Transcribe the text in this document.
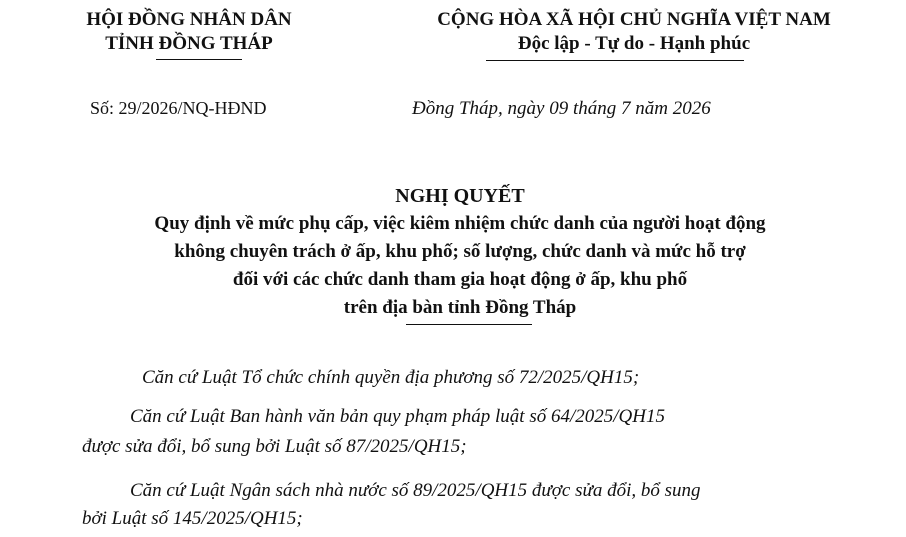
HỘI ĐỒNG NHÂN DÂN
TỈNH ĐỒNG THÁP
CỘNG HÒA XÃ HỘI CHỦ NGHĨA VIỆT NAM
Độc lập - Tự do - Hạnh phúc
Số: 29/2026/NQ-HĐND	Đồng Tháp, ngày 09 tháng 7 năm 2026
NGHỊ QUYẾT
Quy định về mức phụ cấp, việc kiêm nhiệm chức danh của người hoạt động
không chuyên trách ở ấp, khu phố; số lượng, chức danh và mức hỗ trợ
đối với các chức danh tham gia hoạt động ở ấp, khu phố
trên địa bàn tỉnh Đồng Tháp
Căn cứ Luật Tổ chức chính quyền địa phương số 72/2025/QH15;
Căn cứ Luật Ban hành văn bản quy phạm pháp luật số 64/2025/QH15
được sửa đổi, bổ sung bởi Luật số 87/2025/QH15;
Căn cứ Luật Ngân sách nhà nước số 89/2025/QH15 được sửa đổi, bổ sung
bởi Luật số 145/2025/QH15;
